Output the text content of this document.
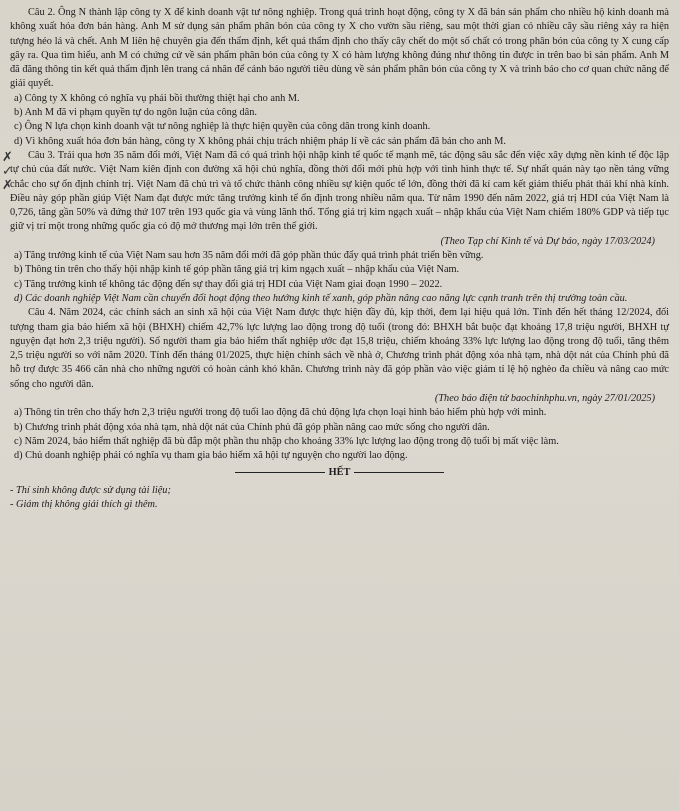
Câu 2. Ông N thành lập công ty X để kinh doanh vật tư nông nghiệp. Trong quá trình hoạt động, công ty X đã bán sản phẩm cho nhiều hộ kinh doanh mà không xuất hóa đơn bán hàng. Anh M sử dụng sản phẩm phân bón của công ty X cho vườn sầu riêng, sau một thời gian có nhiều cây sầu riêng xảy ra hiện tượng héo lá và chết. Anh M liên hệ chuyên gia đến thẩm định, kết quả thẩm định cho thấy cây chết do một số chất có trong phân bón của công ty X cung cấp gây ra. Qua tìm hiểu, anh M có chứng cứ về sản phẩm phân bón của công ty X có hàm lượng không đúng như thông tin được in trên bao bì sản phẩm. Anh M đã đăng thông tin kết quả thẩm định lên trang cá nhân để cảnh báo người tiêu dùng về sản phẩm phân bón của công ty X và trình báo cho cơ quan chức năng để giải quyết.

a) Công ty X không có nghĩa vụ phải bồi thường thiệt hại cho anh M.

b) Anh M đã vi phạm quyền tự do ngôn luận của công dân.

c) Ông N lựa chọn kinh doanh vật tư nông nghiệp là thực hiện quyền của công dân trong kinh doanh.

d) Vì không xuất hóa đơn bán hàng, công ty X không phải chịu trách nhiệm pháp lí về các sản phẩm đã bán cho anh M.

Câu 3. Trải qua hơn 35 năm đổi mới, Việt Nam đã có quá trình hội nhập kinh tế quốc tế mạnh mẽ, tác động sâu sắc đến việc xây dựng nền kinh tế độc lập tự chủ của đất nước. Việt Nam kiên định con đường xã hội chủ nghĩa, đồng thời đổi mới phù hợp với tình hình thực tế. Sự nhất quán này tạo nền tảng vững chắc cho sự ổn định chính trị. Việt Nam đã chủ trì và tổ chức thành công nhiều sự kiện quốc tế lớn, đồng thời đã kí cam kết giảm thiểu phát thải khí nhà kính. Điều này góp phần giúp Việt Nam đạt được mức tăng trưởng kinh tế ổn định trong nhiều năm qua. Từ năm 1990 đến năm 2022, giá trị HDI của Việt Nam là 0,726, tăng gần 50% và đứng thứ 107 trên 193 quốc gia và vùng lãnh thổ. Tổng giá trị kim ngạch xuất – nhập khẩu của Việt Nam chiếm 180% GDP và tiếp tục giữ vị trí một trong những quốc gia có độ mở thương mại lớn trên thế giới.

(Theo Tạp chí Kinh tế và Dự báo, ngày 17/03/2024)

a) Tăng trưởng kinh tế của Việt Nam sau hơn 35 năm đổi mới đã góp phần thúc đẩy quá trình phát triển bền vững.

b) Thông tin trên cho thấy hội nhập kinh tế góp phần tăng giá trị kim ngạch xuất – nhập khẩu của Việt Nam.

c) Tăng trưởng kinh tế không tác động đến sự thay đổi giá trị HDI của Việt Nam giai đoạn 1990 – 2022.

d) Các doanh nghiệp Việt Nam cần chuyển đổi hoạt động theo hướng kinh tế xanh, góp phần nâng cao năng lực cạnh tranh trên thị trường toàn cầu.

Câu 4. Năm 2024, các chính sách an sinh xã hội của Việt Nam được thực hiện đầy đủ, kịp thời, đem lại hiệu quả lớn. Tính đến hết tháng 12/2024, đối tượng tham gia bảo hiểm xã hội (BHXH) chiếm 42,7% lực lượng lao động trong độ tuổi (trong đó: BHXH bắt buộc đạt khoảng 17,8 triệu người, BHXH tự nguyện đạt hơn 2,3 triệu người). Số người tham gia bảo hiểm thất nghiệp ước đạt 15,8 triệu, chiếm khoảng 33% lực lượng lao động trong độ tuổi, tăng thêm 2,5 triệu người so với năm 2020. Tính đến tháng 01/2025, thực hiện chính sách về nhà ở, Chương trình phát động xóa nhà tạm, nhà dột nát của Chính phủ đã hỗ trợ được 35 466 căn nhà cho những người có hoàn cảnh khó khăn. Chương trình này đã góp phần vào việc giảm tỉ lệ hộ nghèo đa chiều và nâng cao mức sống cho người dân.

(Theo báo điện tử baochinhphu.vn, ngày 27/01/2025)

a) Thông tin trên cho thấy hơn 2,3 triệu người trong độ tuổi lao động đã chủ động lựa chọn loại hình bảo hiểm phù hợp với mình.

b) Chương trình phát động xóa nhà tạm, nhà dột nát của Chính phủ đã góp phần nâng cao mức sống cho người dân.

c) Năm 2024, bảo hiểm thất nghiệp đã bù đắp một phần thu nhập cho khoảng 33% lực lượng lao động trong độ tuổi bị mất việc làm.

d) Chủ doanh nghiệp phải có nghĩa vụ tham gia bảo hiểm xã hội tự nguyện cho người lao động.

HẾT

- Thí sinh không được sử dụng tài liệu;

- Giám thị không giải thích gì thêm.

✗
✓
✗
